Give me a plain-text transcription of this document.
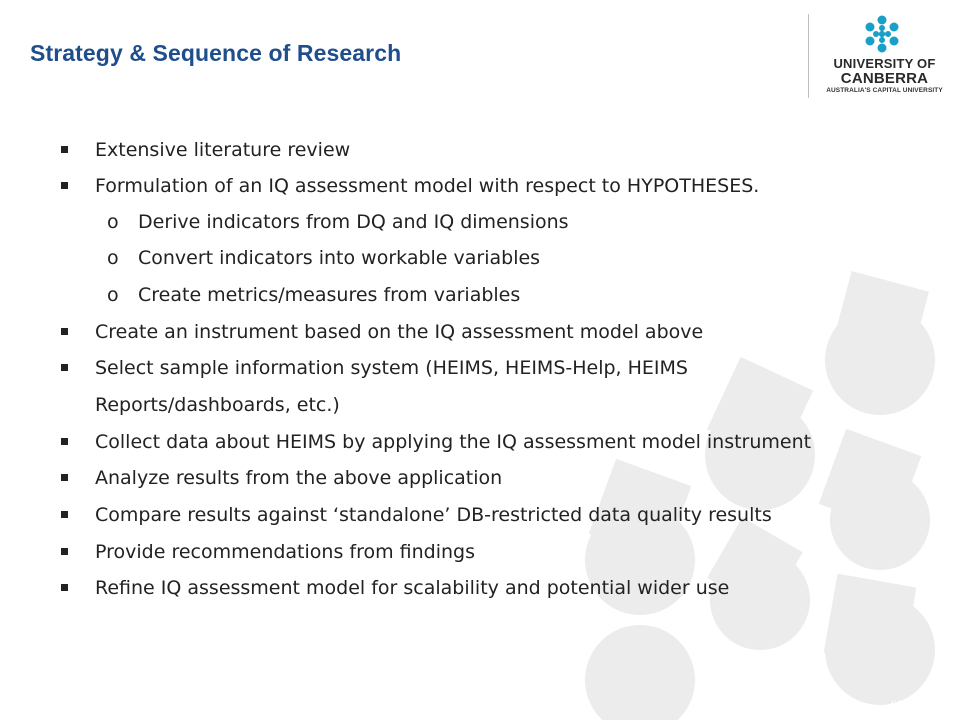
Strategy & Sequence of Research	UNIVERSITY OF
CANBERRA
AUSTRALIA'S CAPITAL UNIVERSITY
Extensive literature review
Formulation of an IQ assessment model with respect to HYPOTHESES.
o Derive indicators from DQ and IQ dimensions
o Convert indicators into workable variables
o Create metrics/measures from variables
Create an instrument based on the IQ assessment model above
Select sample information system (HEIMS, HEIMS-Help, HEIMS
Reports/dashboards, etc.)
Collect data about HEIMS by applying the IQ assessment model instrument
Analyze results from the above application
Compare results against ‘standalone’ DB-restricted data quality results
Provide recommendations from findings
Refine IQ assessment model for scalability and potential wider use
#00212K
